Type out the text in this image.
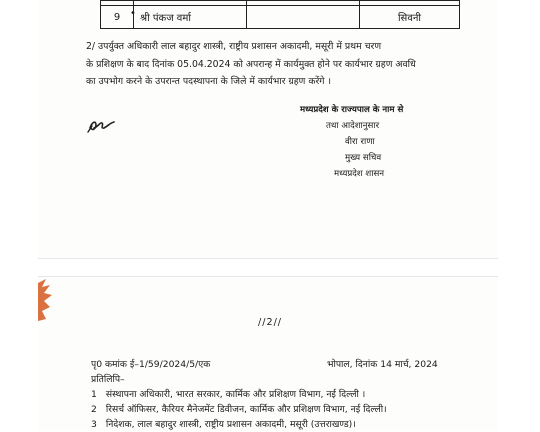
•

9	श्री पंकज वर्मा		सिवनी

2/ उपर्युक्त अधिकारी लाल बहादुर शास्त्री, राष्ट्रीय प्रशासन अकादमी, मसूरी में प्रथम चरण
के प्रशिक्षण के बाद दिनांक 05.04.2024 को अपरान्ह में कार्यमुक्त होने पर कार्यभार ग्रहण अवधि
का उपभोग करने के उपरान्त पदस्थापना के जिले में कार्यभार ग्रहण करेंगे ।

मध्यप्रदेश के राज्यपाल के नाम से
तथा आदेशानुसार
वीरा राणा
मुख्य सचिव
मध्यप्रदेश शासन
//2//
पृ0 कमांक ई–1/59/2024/5/एक	भोपाल, दिनांक 14 मार्च, 2024
प्रतिलिपि–
1 संस्थापना अधिकारी, भारत सरकार, कार्मिक और प्रशिक्षण विभाग, नई दिल्ली ।
2 रिसर्च ऑफिसर, कैरियर मैनेजमेंट डिवीजन, कार्मिक और प्रशिक्षण विभाग, नई दिल्ली।
3 निदेशक, लाल बहादुर शास्त्री, राष्ट्रीय प्रशासन अकादमी, मसूरी (उत्तराखण्ड)।
